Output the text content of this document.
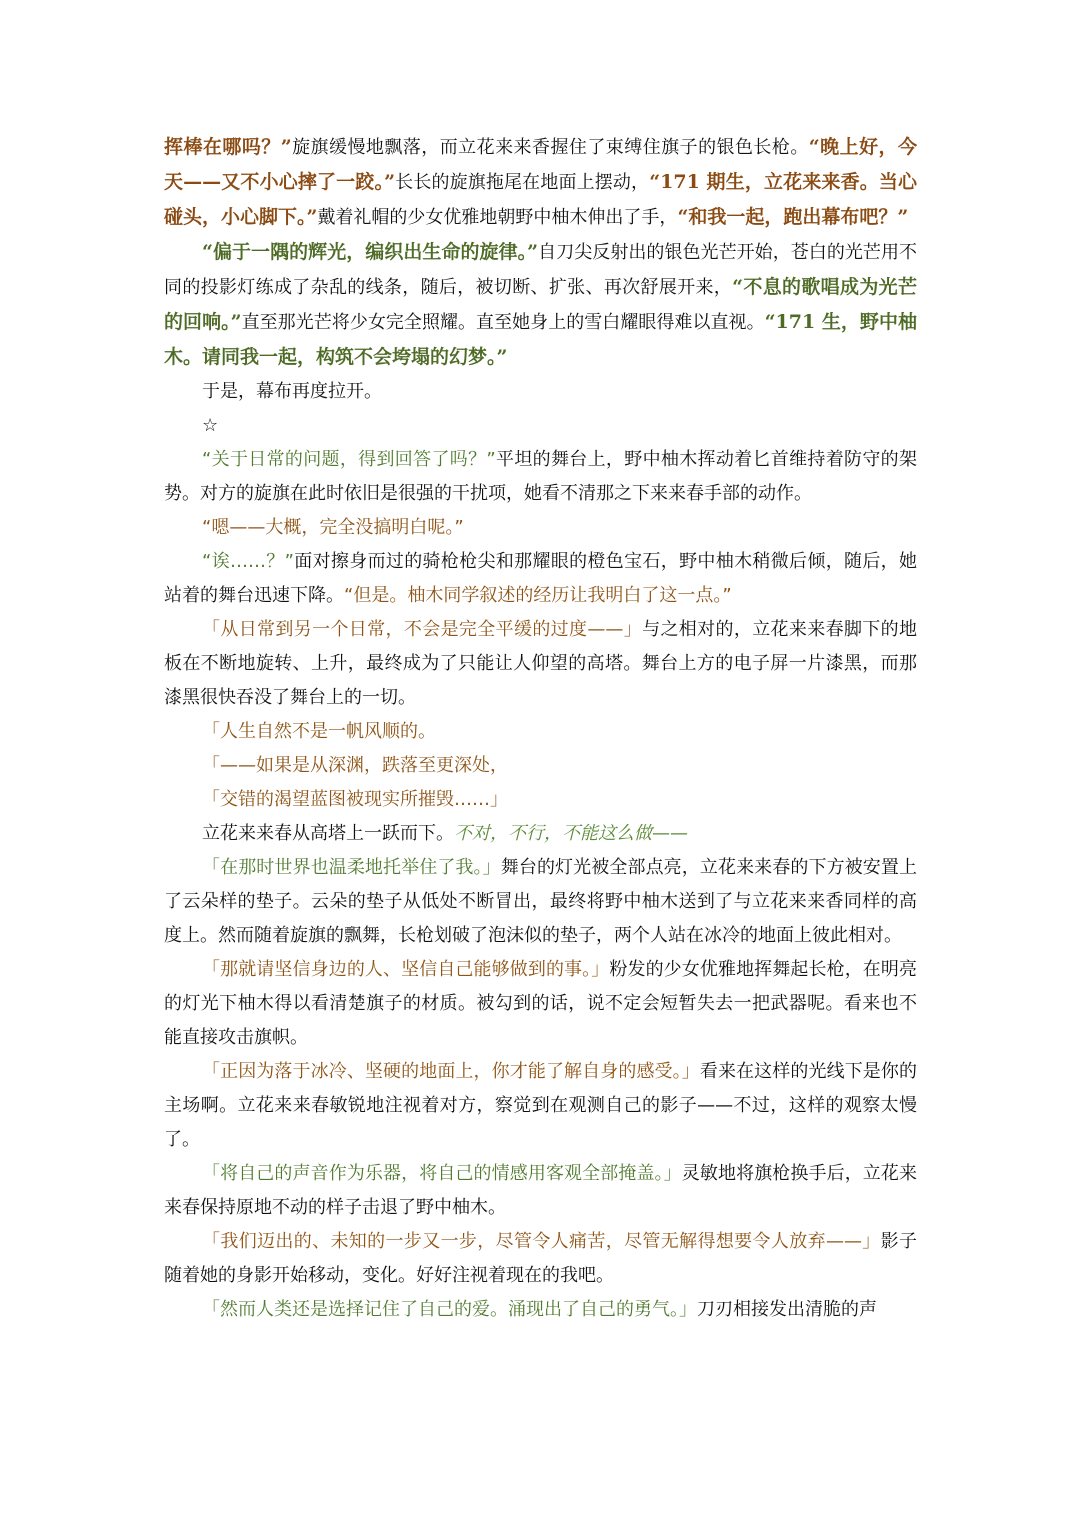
挥棒在哪吗？”旋旗缓慢地飘落，而立花来来香握住了束缚住旗子的银色长枪。“晚上好，今天——又不小心摔了一跤。”长长的旋旗拖尾在地面上摆动，“171 期生，立花来来香。当心碰头，小心脚下。”戴着礼帽的少女优雅地朝野中柚木伸出了手，“和我一起，跑出幕布吧？”

“偏于一隅的辉光，编织出生命的旋律。”自刀尖反射出的银色光芒开始，苍白的光芒用不同的投影灯练成了杂乱的线条，随后，被切断、扩张、再次舒展开来，“不息的歌唱成为光芒的回响。”直至那光芒将少女完全照耀。直至她身上的雪白耀眼得难以直视。“171 生，野中柚木。请同我一起，构筑不会垮塌的幻梦。”

于是，幕布再度拉开。

☆

“关于日常的问题，得到回答了吗？”平坦的舞台上，野中柚木挥动着匕首维持着防守的架势。对方的旋旗在此时依旧是很强的干扰项，她看不清那之下来来春手部的动作。

“嗯——大概，完全没搞明白呢。”

“诶……？”面对擦身而过的骑枪枪尖和那耀眼的橙色宝石，野中柚木稍微后倾，随后，她站着的舞台迅速下降。“但是。柚木同学叙述的经历让我明白了这一点。”

「从日常到另一个日常，不会是完全平缓的过度——」与之相对的，立花来来春脚下的地板在不断地旋转、上升，最终成为了只能让人仰望的高塔。舞台上方的电子屏一片漆黑，而那漆黑很快吞没了舞台上的一切。

「人生自然不是一帆风顺的。

「——如果是从深渊，跌落至更深处，

「交错的渴望蓝图被现实所摧毁……」

立花来来春从高塔上一跃而下。不对，不行，不能这么做——

「在那时世界也温柔地托举住了我。」舞台的灯光被全部点亮，立花来来春的下方被安置上了云朵样的垫子。云朵的垫子从低处不断冒出，最终将野中柚木送到了与立花来来香同样的高度上。然而随着旋旗的飘舞，长枪划破了泡沫似的垫子，两个人站在冰冷的地面上彼此相对。

「那就请坚信身边的人、坚信自己能够做到的事。」粉发的少女优雅地挥舞起长枪，在明亮的灯光下柚木得以看清楚旗子的材质。被勾到的话，说不定会短暂失去一把武器呢。看来也不能直接攻击旗帜。

「正因为落于冰冷、坚硬的地面上，你才能了解自身的感受。」看来在这样的光线下是你的主场啊。立花来来春敏锐地注视着对方，察觉到在观测自己的影子——不过，这样的观察太慢了。

「将自己的声音作为乐器，将自己的情感用客观全部掩盖。」灵敏地将旗枪换手后，立花来来春保持原地不动的样子击退了野中柚木。

「我们迈出的、未知的一步又一步，尽管令人痛苦，尽管无解得想要令人放弃——」影子随着她的身影开始移动，变化。好好注视着现在的我吧。

「然而人类还是选择记住了自己的爱。涌现出了自己的勇气。」刀刃相接发出清脆的声
